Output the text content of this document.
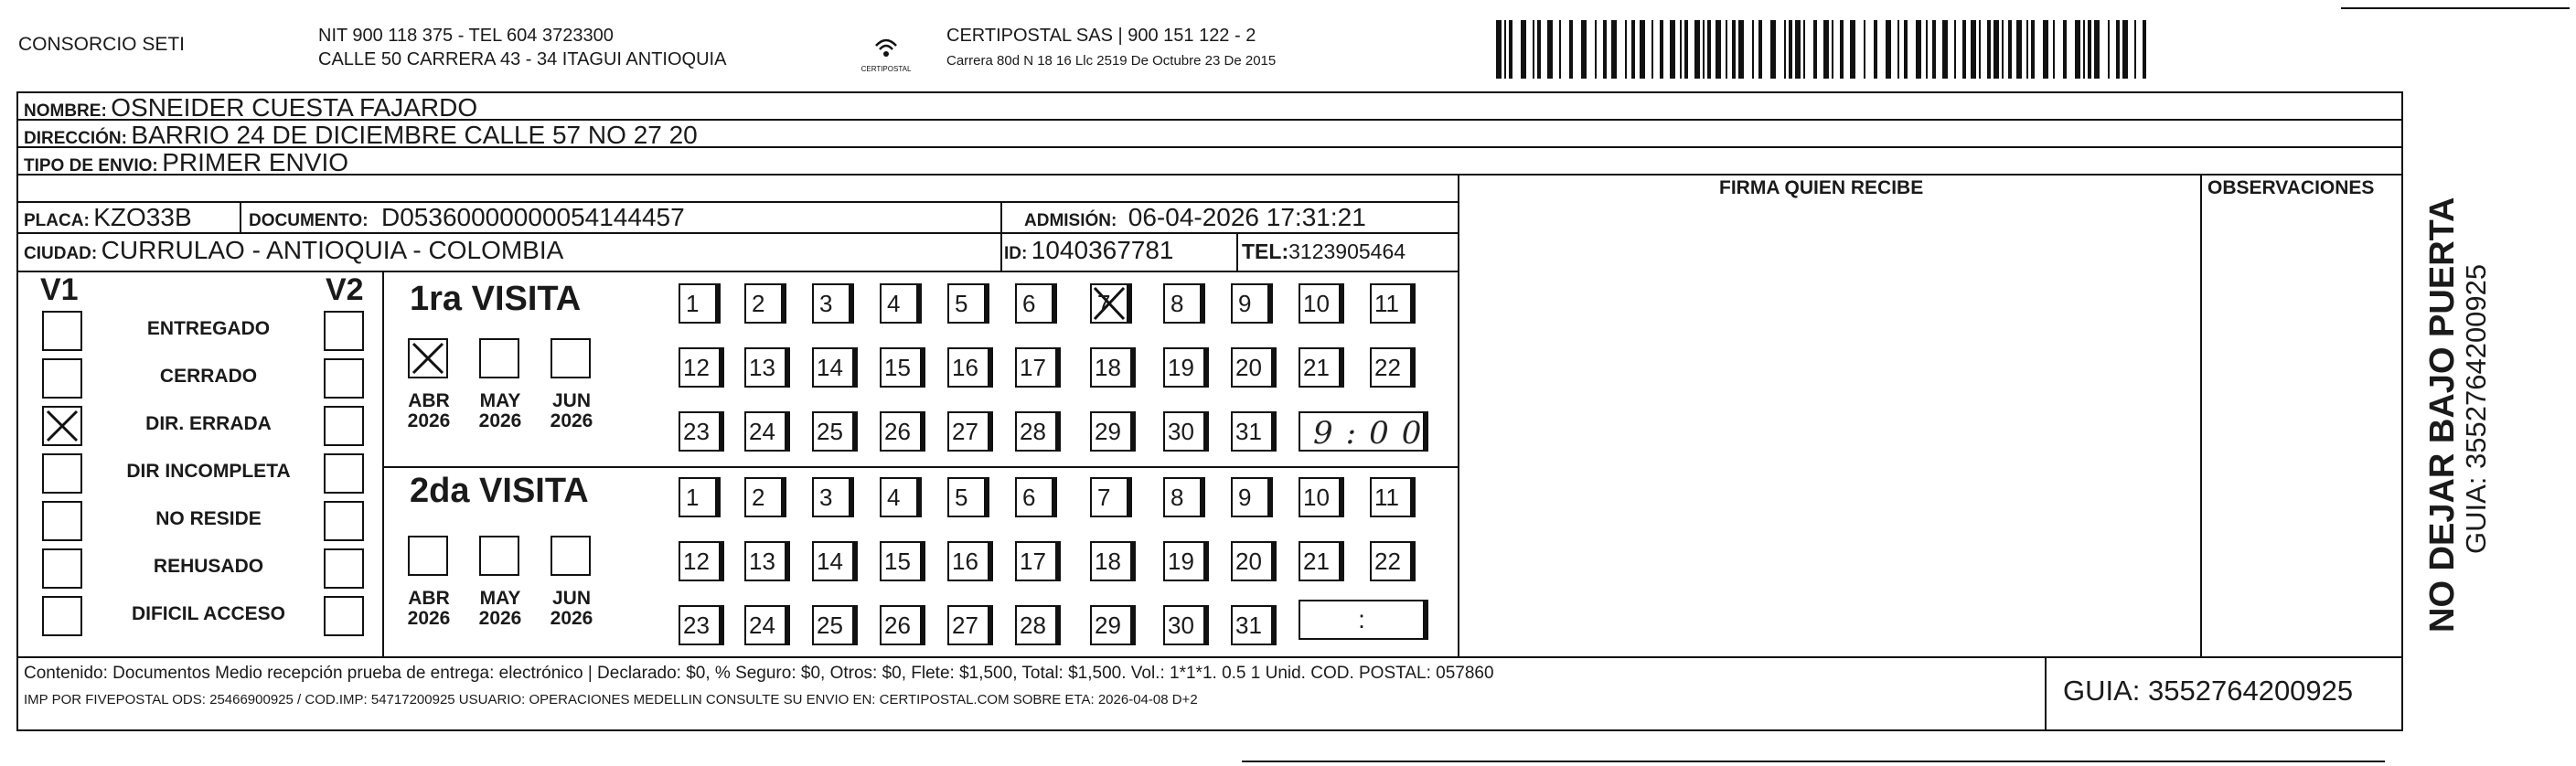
CONSORCIO SETI	NIT 900 118 375 - TEL 604 3723300
CALLE 50 CARRERA 43 - 34 ITAGUI ANTIOQUIA	CERTIPOSTAL
CERTIPOSTAL SAS | 900 151 122 - 2
Carrera 80d N 18 16 Llc 2519 De Octubre 23 De 2015
NOMBRE: OSNEIDER CUESTA FAJARDO
DIRECCIÓN: BARRIO 24 DE DICIEMBRE CALLE 57 NO 27 20
TIPO DE ENVIO: PRIMER ENVIO
FIRMA QUIEN RECIBE	OBSERVACIONES
PLACA: KZO33B	DOCUMENTO: D05360000000054144457	ADMISIÓN: 06-04-2026 17:31:21
CIUDAD: CURRULAO - ANTIOQUIA - COLOMBIA	ID: 1040367781	TEL:3123905464
V1	V2
ENTREGADO
CERRADO
DIR. ERRADA
DIR INCOMPLETA
NO RESIDE
REHUSADO
DIFICIL ACCESO
1ra VISITA
2da VISITA
ABR
2026
MAY
2026
JUN
2026
ABR
2026
MAY
2026
JUN
2026
1	2	3	4	5	6	7	8	9	10	11
12	13	14	15	16	17	18	19	20	21	22
23	24	25	26	27	28	29	30	31
1	2	3	4	5	6	7	8	9	10	11
12	13	14	15	16	17	18	19	20	21	22
23	24	25	26	27	28	29	30	31
9:00
:
Contenido: Documentos Medio recepción prueba de entrega: electrónico | Declarado: $0, % Seguro: $0, Otros: $0, Flete: $1,500, Total: $1,500. Vol.: 1*1*1. 0.5 1 Unid. COD. POSTAL: 057860
IMP POR FIVEPOSTAL ODS: 25466900925 / COD.IMP: 54717200925 USUARIO: OPERACIONES MEDELLIN CONSULTE SU ENVIO EN: CERTIPOSTAL.COM SOBRE ETA: 2026-04-08 D+2	GUIA: 3552764200925
NO DEJAR BAJO PUERTA
GUIA: 3552764200925
